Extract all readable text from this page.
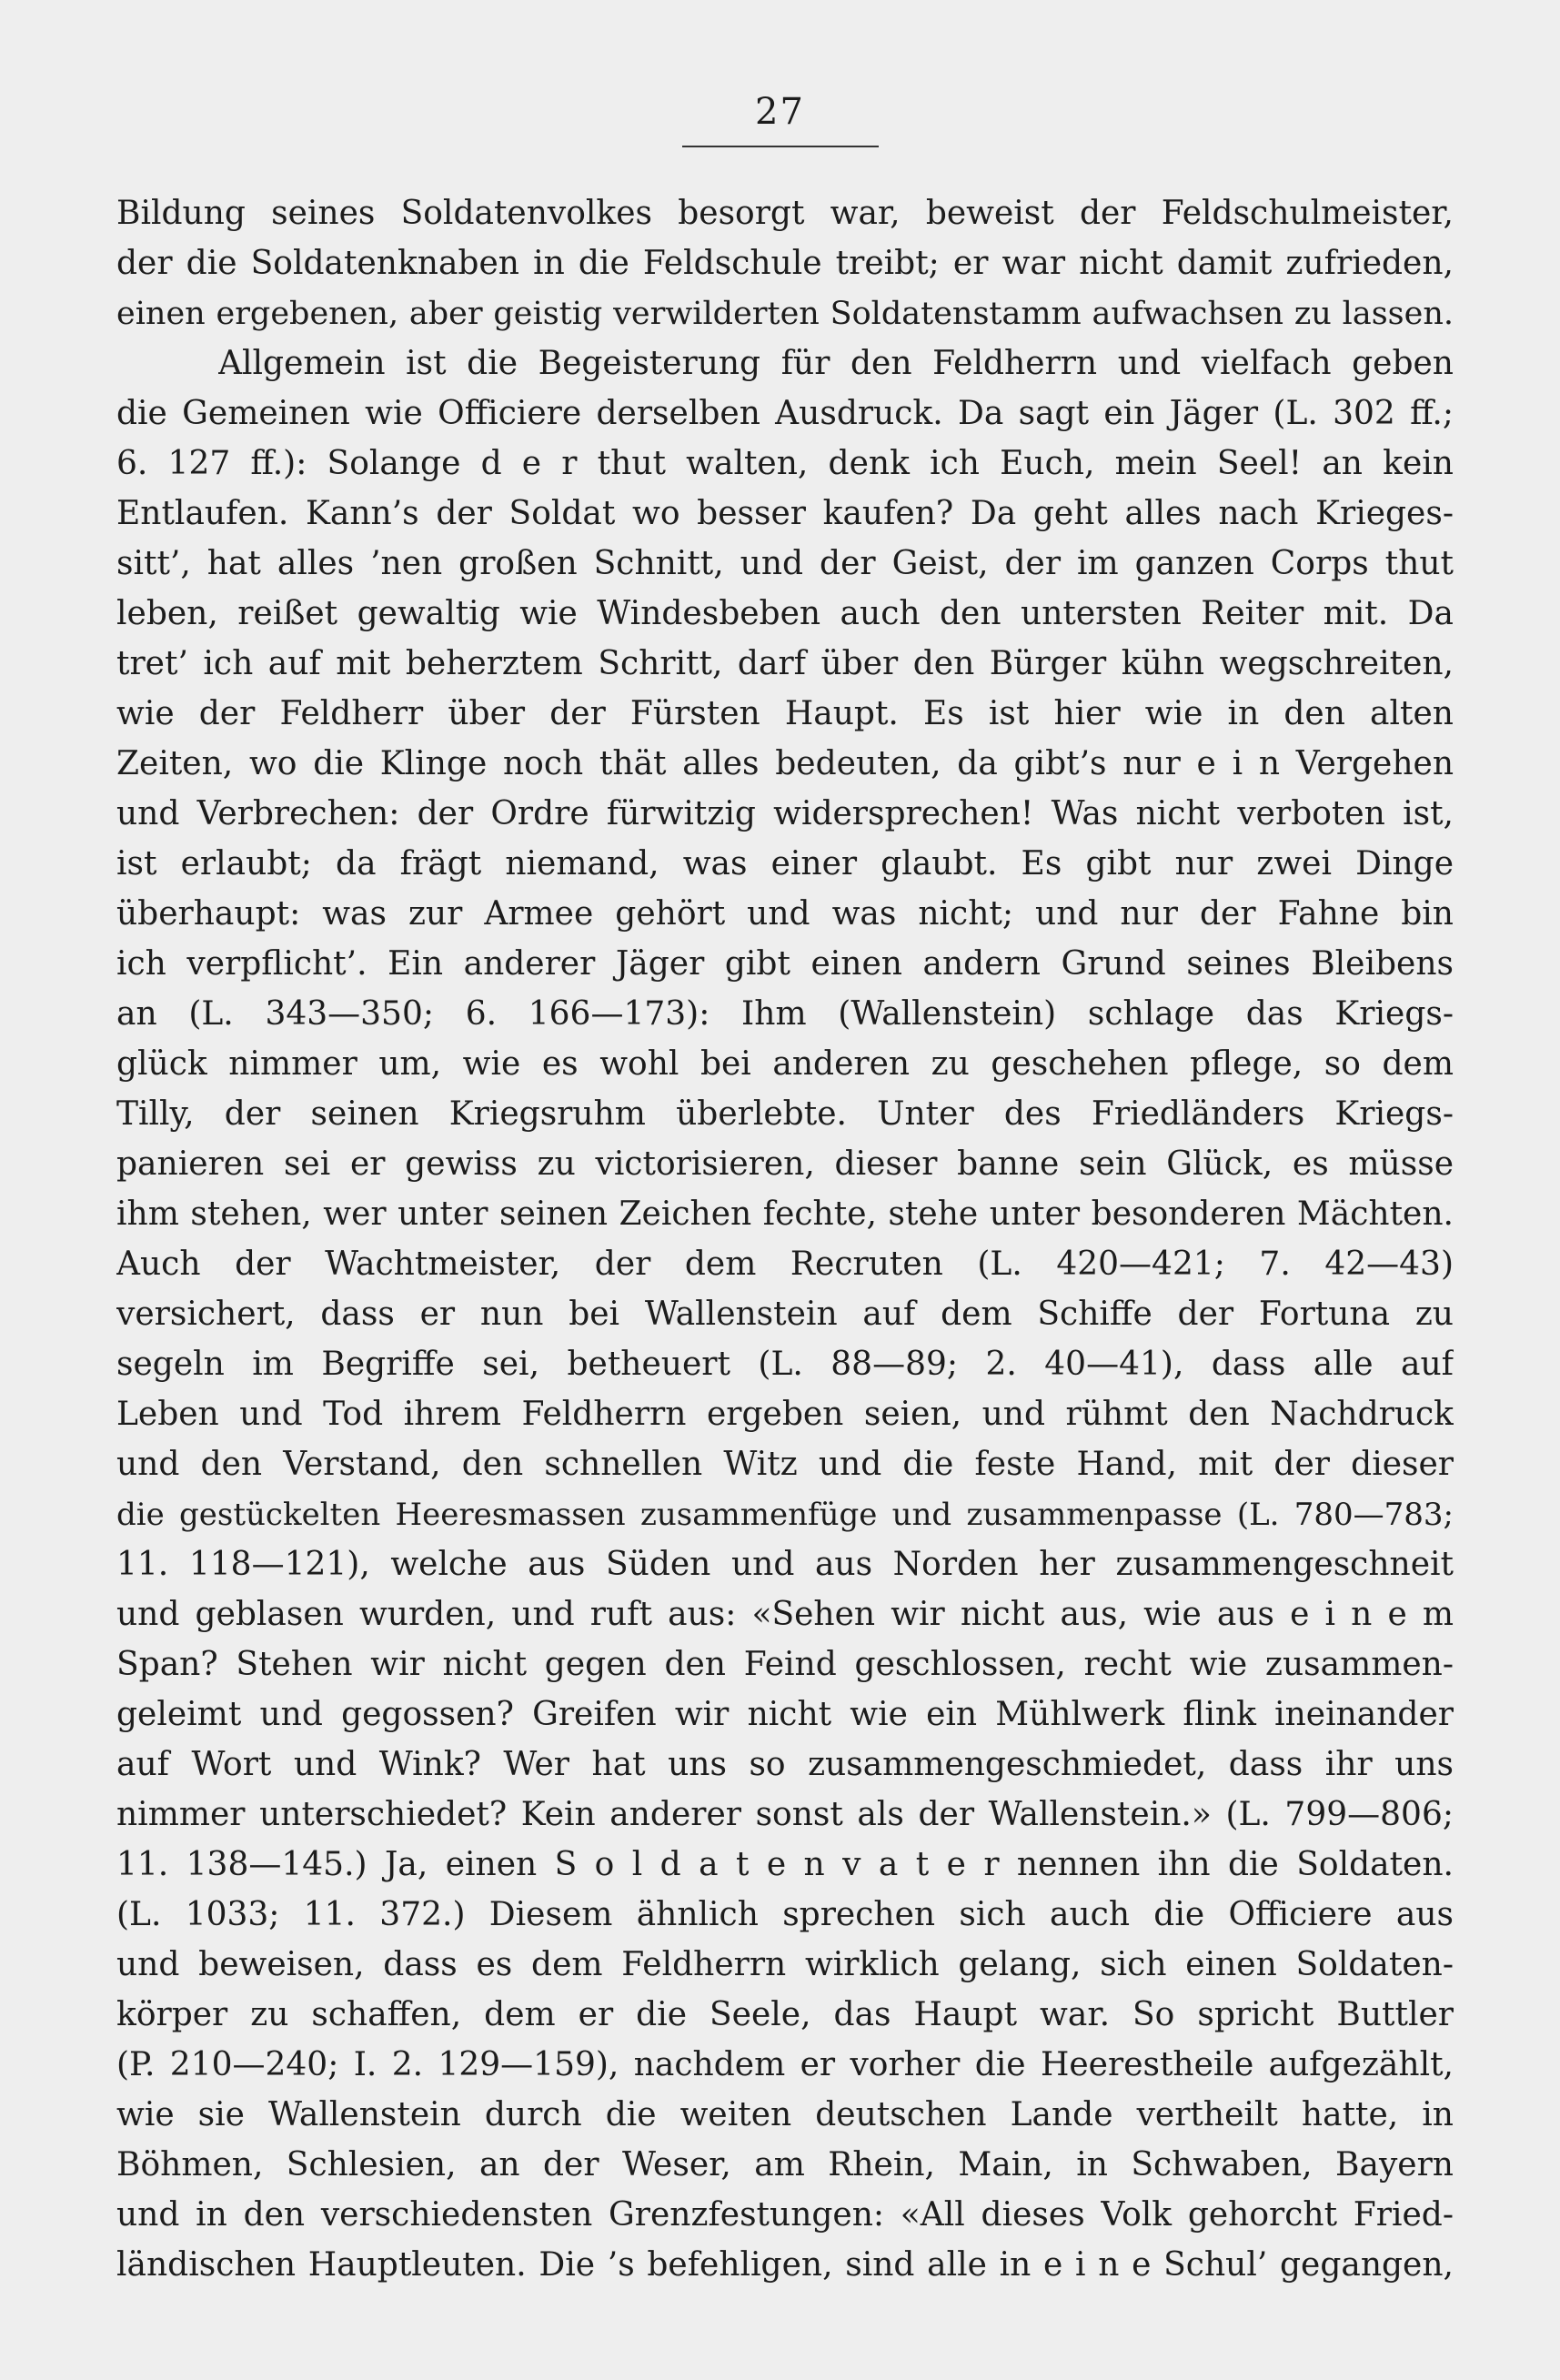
27
Bildung seines Soldatenvolkes besorgt war, beweist der Feldschulmeister,
der die Soldatenknaben in die Feldschule treibt; er war nicht damit zufrieden,
einen ergebenen, aber geistig verwilderten Soldatenstamm aufwachsen zu lassen.
Allgemein ist die Begeisterung für den Feldherrn und vielfach geben
die Gemeinen wie Officiere derselben Ausdruck. Da sagt ein Jäger (L. 302 ff.;
6. 127 ff.): Solange d e r thut walten, denk ich Euch, mein Seel! an kein
Entlaufen. Kann’s der Soldat wo besser kaufen? Da geht alles nach Krieges-
sitt’, hat alles ’nen großen Schnitt, und der Geist, der im ganzen Corps thut
leben, reißet gewaltig wie Windesbeben auch den untersten Reiter mit. Da
tret’ ich auf mit beherztem Schritt, darf über den Bürger kühn wegschreiten,
wie der Feldherr über der Fürsten Haupt. Es ist hier wie in den alten
Zeiten, wo die Klinge noch thät alles bedeuten, da gibt’s nur e i n Vergehen
und Verbrechen: der Ordre fürwitzig widersprechen! Was nicht verboten ist,
ist erlaubt; da frägt niemand, was einer glaubt. Es gibt nur zwei Dinge
überhaupt: was zur Armee gehört und was nicht; und nur der Fahne bin
ich verpflicht’. Ein anderer Jäger gibt einen andern Grund seines Bleibens
an (L. 343—350; 6. 166—173): Ihm (Wallenstein) schlage das Kriegs-
glück nimmer um, wie es wohl bei anderen zu geschehen pflege, so dem
Tilly, der seinen Kriegsruhm überlebte. Unter des Friedländers Kriegs-
panieren sei er gewiss zu victorisieren, dieser banne sein Glück, es müsse
ihm stehen, wer unter seinen Zeichen fechte, stehe unter besonderen Mächten.
Auch der Wachtmeister, der dem Recruten (L. 420—421; 7. 42—43)
versichert, dass er nun bei Wallenstein auf dem Schiffe der Fortuna zu
segeln im Begriffe sei, betheuert (L. 88—89; 2. 40—41), dass alle auf
Leben und Tod ihrem Feldherrn ergeben seien, und rühmt den Nachdruck
und den Verstand, den schnellen Witz und die feste Hand, mit der dieser
die gestückelten Heeresmassen zusammenfüge und zusammenpasse (L. 780—783;
11. 118—121), welche aus Süden und aus Norden her zusammengeschneit
und geblasen wurden, und ruft aus: «Sehen wir nicht aus, wie aus e i n e m
Span? Stehen wir nicht gegen den Feind geschlossen, recht wie zusammen-
geleimt und gegossen? Greifen wir nicht wie ein Mühlwerk flink ineinander
auf Wort und Wink? Wer hat uns so zusammengeschmiedet, dass ihr uns
nimmer unterschiedet? Kein anderer sonst als der Wallenstein.» (L. 799—806;
11. 138—145.) Ja, einen S o l d a t e n v a t e r nennen ihn die Soldaten.
(L. 1033; 11. 372.) Diesem ähnlich sprechen sich auch die Officiere aus
und beweisen, dass es dem Feldherrn wirklich gelang, sich einen Soldaten-
körper zu schaffen, dem er die Seele, das Haupt war. So spricht Buttler
(P. 210—240; I. 2. 129—159), nachdem er vorher die Heerestheile aufgezählt,
wie sie Wallenstein durch die weiten deutschen Lande vertheilt hatte, in
Böhmen, Schlesien, an der Weser, am Rhein, Main, in Schwaben, Bayern
und in den verschiedensten Grenzfestungen: «All dieses Volk gehorcht Fried-
ländischen Hauptleuten. Die ’s befehligen, sind alle in e i n e Schul’ gegangen,
